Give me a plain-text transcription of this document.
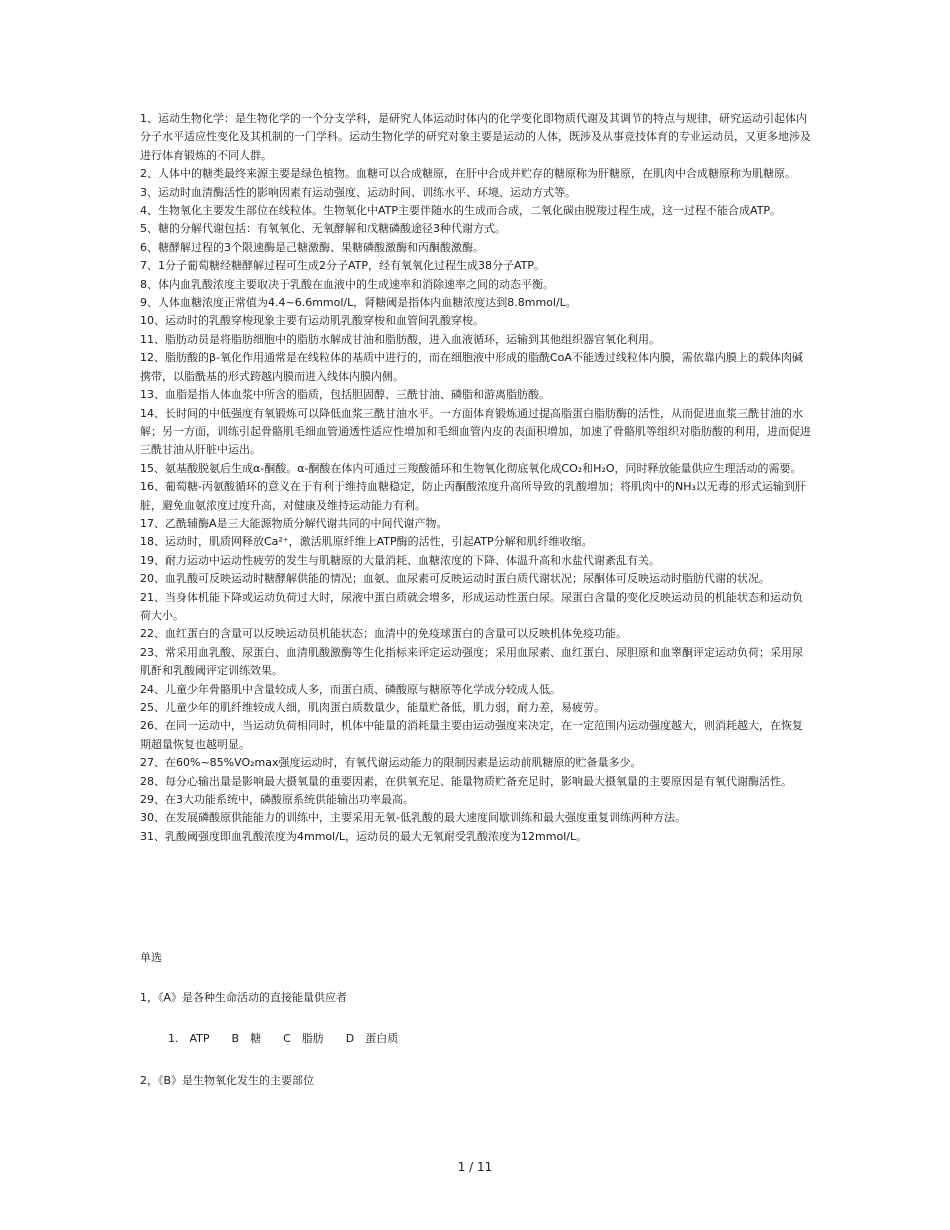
1、运动生物化学：是生物化学的一个分支学科，是研究人体运动时体内的化学变化即物质代谢及其调节的特点与规律，研究运动引起体内分子水平适应性变化及其机制的一门学科。运动生物化学的研究对象主要是运动的人体，既涉及从事竞技体育的专业运动员，又更多地涉及进行体育锻炼的不同人群。

2、人体中的糖类最终来源主要是绿色植物。血糖可以合成糖原，在肝中合成并贮存的糖原称为肝糖原，在肌肉中合成糖原称为肌糖原。

3、运动时血清酶活性的影响因素有运动强度、运动时间、训练水平、环境、运动方式等。

4、生物氧化主要发生部位在线粒体。生物氧化中ATP主要伴随水的生成而合成，二氧化碳由脱羧过程生成，这一过程不能合成ATP。

5、糖的分解代谢包括：有氧氧化、无氧酵解和戊糖磷酸途径3种代谢方式。

6、糖酵解过程的3个限速酶是己糖激酶、果糖磷酸激酶和丙酮酸激酶。

7、1分子葡萄糖经糖酵解过程可生成2分子ATP，经有氧氧化过程生成38分子ATP。

8、体内血乳酸浓度主要取决于乳酸在血液中的生成速率和消除速率之间的动态平衡。

9、人体血糖浓度正常值为4.4~6.6mmol/L，肾糖阈是指体内血糖浓度达到8.8mmol/L。

10、运动时的乳酸穿梭现象主要有运动肌乳酸穿梭和血管间乳酸穿梭。

11、脂肪动员是将脂肪细胞中的脂肪水解成甘油和脂肪酸，进入血液循环，运输到其他组织器官氧化利用。

12、脂肪酸的β-氧化作用通常是在线粒体的基质中进行的，而在细胞液中形成的脂酰CoA不能透过线粒体内膜，需依靠内膜上的载体肉碱携带，以脂酰基的形式跨越内膜而进入线体内膜内侧。

13、血脂是指人体血浆中所含的脂质，包括胆固醇、三酰甘油、磷脂和游离脂肪酸。

14、长时间的中低强度有氧锻炼可以降低血浆三酰甘油水平。一方面体育锻炼通过提高脂蛋白脂肪酶的活性，从而促进血浆三酰甘油的水解；另一方面，训练引起骨骼肌毛细血管通透性适应性增加和毛细血管内皮的表面积增加，加速了骨骼肌等组织对脂肪酸的利用，进而促进三酰甘油从肝脏中运出。

15、氨基酸脱氨后生成α-酮酸。α-酮酸在体内可通过三羧酸循环和生物氧化彻底氧化成CO₂和H₂O，同时释放能量供应生理活动的需要。

16、葡萄糖-丙氨酸循环的意义在于有利于维持血糖稳定，防止丙酮酸浓度升高所导致的乳酸增加；将肌肉中的NH₃以无毒的形式运输到肝脏，避免血氨浓度过度升高，对健康及维持运动能力有利。

17、乙酰辅酶A是三大能源物质分解代谢共同的中间代谢产物。

18、运动时，肌质网释放Ca²⁺，激活肌原纤维上ATP酶的活性，引起ATP分解和肌纤维收缩。

19、耐力运动中运动性疲劳的发生与肌糖原的大量消耗、血糖浓度的下降、体温升高和水盐代谢紊乱有关。

20、血乳酸可反映运动时糖酵解供能的情况；血氨、血尿素可反映运动时蛋白质代谢状况；尿酮体可反映运动时脂肪代谢的状况。

21、当身体机能下降或运动负荷过大时，尿液中蛋白质就会增多，形成运动性蛋白尿。尿蛋白含量的变化反映运动员的机能状态和运动负荷大小。

22、血红蛋白的含量可以反映运动员机能状态；血清中的免疫球蛋白的含量可以反映机体免疫功能。

23、常采用血乳酸、尿蛋白、血清肌酸激酶等生化指标来评定运动强度；采用血尿素、血红蛋白、尿胆原和血睾酮评定运动负荷；采用尿肌酐和乳酸阈评定训练效果。

24、儿童少年骨骼肌中含量较成人多，而蛋白质、磷酸原与糖原等化学成分较成人低。

25、儿童少年的肌纤维较成人细，肌肉蛋白质数量少，能量贮备低，肌力弱，耐力差，易疲劳。

26、在同一运动中，当运动负荷相同时，机体中能量的消耗量主要由运动强度来决定，在一定范围内运动强度越大，则消耗越大，在恢复期超量恢复也越明显。

27、在60%~85%VO₂max强度运动时，有氧代谢运动能力的限制因素是运动前肌糖原的贮备量多少。

28、每分心输出量是影响最大摄氧量的重要因素，在供氧充足、能量物质贮备充足时，影响最大摄氧量的主要原因是有氧代谢酶活性。

29、在3大功能系统中，磷酸原系统供能输出功率最高。

30、在发展磷酸原供能能力的训练中，主要采用无氧-低乳酸的最大速度间歇训练和最大强度重复训练两种方法。

31、乳酸阈强度即血乳酸浓度为4mmol/L，运动员的最大无氧耐受乳酸浓度为12mmol/L。

单选
1，《A》是各种生命活动的直接能量供应者
1.　ATP B　糖 C　脂肪 D　蛋白质
2，《B》是生物氧化发生的主要部位
1 / 11
